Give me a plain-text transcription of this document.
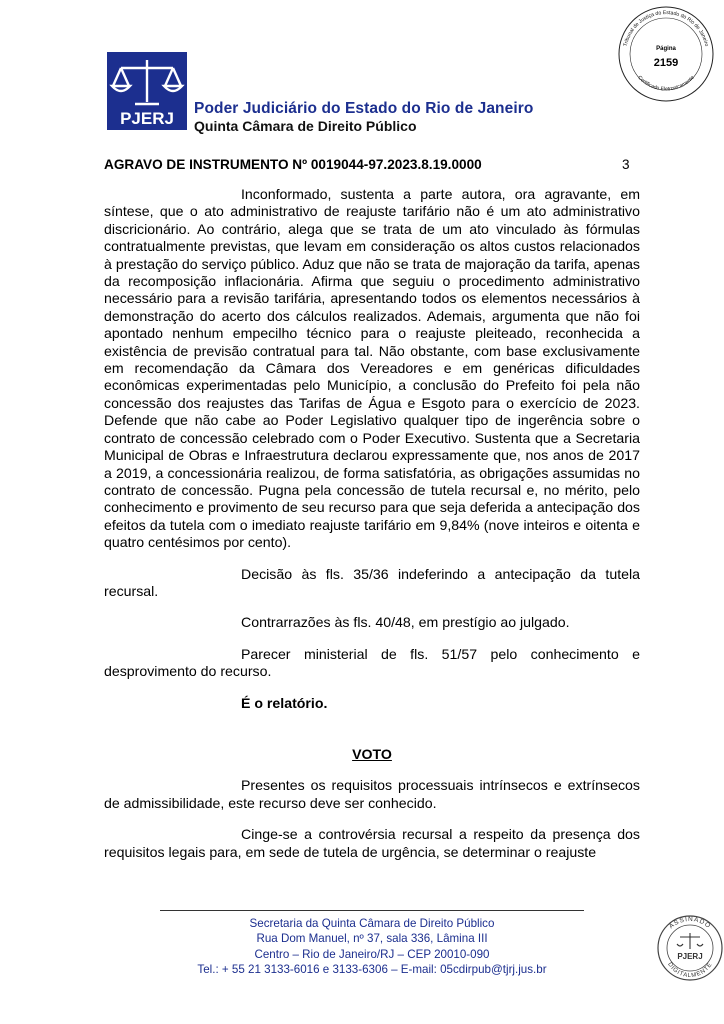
PJERJ
Poder Judiciário do Estado do Rio de Janeiro
Quinta Câmara de Direito Público
Tribunal de Justiça do Estado do Rio de Janeiro
Certificado Eletronicamente
Página
2159
AGRAVO DE INSTRUMENTO Nº 0019044-97.2023.8.19.0000	3

Inconformado, sustenta a parte autora, ora agravante, em síntese, que o ato administrativo de reajuste tarifário não é um ato administrativo discricionário. Ao contrário, alega que se trata de um ato vinculado às fórmulas contratualmente previstas, que levam em consideração os altos custos relacionados à prestação do serviço público. Aduz que não se trata de majoração da tarifa, apenas da recomposição inflacionária. Afirma que seguiu o procedimento administrativo necessário para a revisão tarifária, apresentando todos os elementos necessários à demonstração do acerto dos cálculos realizados. Ademais, argumenta que não foi apontado nenhum empecilho técnico para o reajuste pleiteado, reconhecida a existência de previsão contratual para tal. Não obstante, com base exclusivamente em recomendação da Câmara dos Vereadores e em genéricas dificuldades econômicas experimentadas pelo Município, a conclusão do Prefeito foi pela não concessão dos reajustes das Tarifas de Água e Esgoto para o exercício de 2023. Defende que não cabe ao Poder Legislativo qualquer tipo de ingerência sobre o contrato de concessão celebrado com o Poder Executivo. Sustenta que a Secretaria Municipal de Obras e Infraestrutura declarou expressamente que, nos anos de 2017 a 2019, a concessionária realizou, de forma satisfatória, as obrigações assumidas no contrato de concessão. Pugna pela concessão de tutela recursal e, no mérito, pelo conhecimento e provimento de seu recurso para que seja deferida a antecipação dos efeitos da tutela com o imediato reajuste tarifário em 9,84% (nove inteiros e oitenta e quatro centésimos por cento).

Decisão às fls. 35/36 indeferindo a antecipação da tutela recursal.

Contrarrazões às fls. 40/48, em prestígio ao julgado.

Parecer ministerial de fls. 51/57 pelo conhecimento e desprovimento do recurso.

É o relatório.
VOTO

Presentes os requisitos processuais intrínsecos e extrínsecos de admissibilidade, este recurso deve ser conhecido.

Cinge-se a controvérsia recursal a respeito da presença dos requisitos legais para, em sede de tutela de urgência, se determinar o reajuste

Secretaria da Quinta Câmara de Direito Público
Rua Dom Manuel, nº 37, sala 336, Lâmina III
Centro – Rio de Janeiro/RJ – CEP 20010-090
Tel.: + 55 21 3133-6016 e 3133-6306 – E-mail: 05cdirpub@tjrj.jus.br
ASSINADO
DIGITALMENTE
PJERJ
